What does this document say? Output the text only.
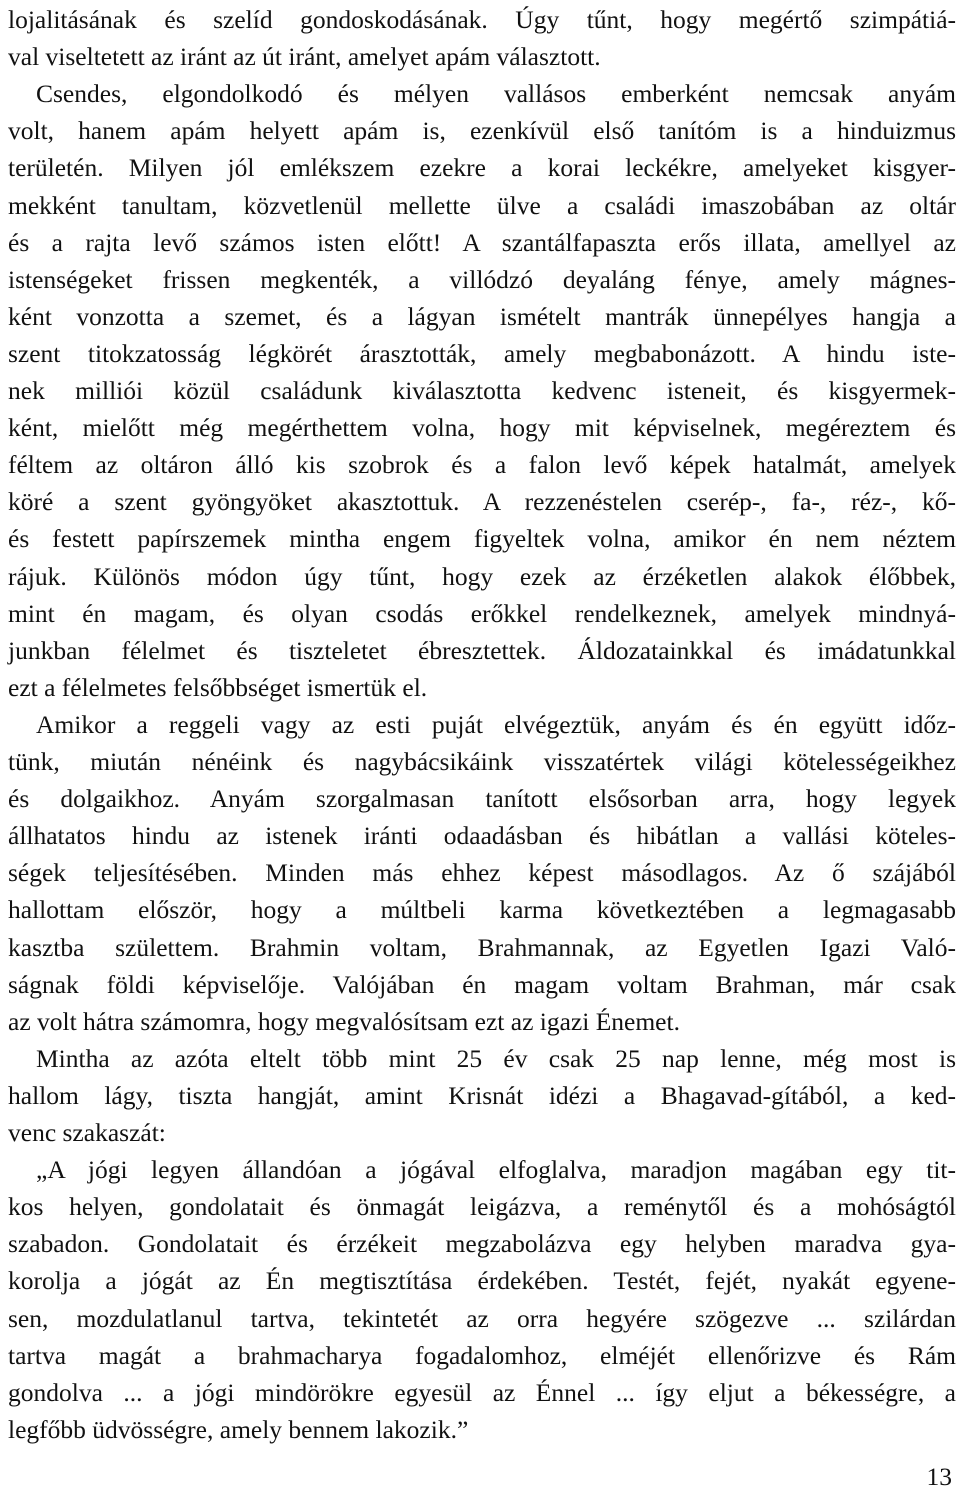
lojalitásának és szelíd gondoskodásának. Úgy tűnt, hogy megértő szimpátiá-
val viseltetett az iránt az út iránt, amelyet apám választott.
Csendes, elgondolkodó és mélyen vallásos emberként nemcsak anyám
volt, hanem apám helyett apám is, ezenkívül első tanítóm is a hinduizmus
területén. Milyen jól emlékszem ezekre a korai leckékre, amelyeket kisgyer-
mekként tanultam, közvetlenül mellette ülve a családi imaszobában az oltár
és a rajta levő számos isten előtt! A szantálfapaszta erős illata, amellyel az
istenségeket frissen megkenték, a villódzó deyaláng fénye, amely mágnes-
ként vonzotta a szemet, és a lágyan ismételt mantrák ünnepélyes hangja a
szent titokzatosság légkörét árasztották, amely megbabonázott. A hindu iste-
nek milliói közül családunk kiválasztotta kedvenc isteneit, és kisgyermek-
ként, mielőtt még megérthettem volna, hogy mit képviselnek, megéreztem és
féltem az oltáron álló kis szobrok és a falon levő képek hatalmát, amelyek
köré a szent gyöngyöket akasztottuk. A rezzenéstelen cserép-, fa-, réz-, kő-
és festett papírszemek mintha engem figyeltek volna, amikor én nem néztem
rájuk. Különös módon úgy tűnt, hogy ezek az érzéketlen alakok élőbbek,
mint én magam, és olyan csodás erőkkel rendelkeznek, amelyek mindnyá-
junkban félelmet és tiszteletet ébresztettek. Áldozatainkkal és imádatunkkal
ezt a félelmetes felsőbbséget ismertük el.
Amikor a reggeli vagy az esti puját elvégeztük, anyám és én együtt időz-
tünk, miután nénéink és nagybácsikáink visszatértek világi kötelességeikhez
és dolgaikhoz. Anyám szorgalmasan tanított elsősorban arra, hogy legyek
állhatatos hindu az istenek iránti odaadásban és hibátlan a vallási köteles-
ségek teljesítésében. Minden más ehhez képest másodlagos. Az ő szájából
hallottam először, hogy a múltbeli karma következtében a legmagasabb
kasztba születtem. Brahmin voltam, Brahmannak, az Egyetlen Igazi Való-
ságnak földi képviselője. Valójában én magam voltam Brahman, már csak
az volt hátra számomra, hogy megvalósítsam ezt az igazi Énemet.
Mintha az azóta eltelt több mint 25 év csak 25 nap lenne, még most is
hallom lágy, tiszta hangját, amint Krisnát idézi a Bhagavad-gítából, a ked-
venc szakaszát:
„A jógi legyen állandóan a jógával elfoglalva, maradjon magában egy tit-
kos helyen, gondolatait és önmagát leigázva, a reménytől és a mohóságtól
szabadon. Gondolatait és érzékeit megzabolázva egy helyben maradva gya-
korolja a jógát az Én megtisztítása érdekében. Testét, fejét, nyakát egyene-
sen, mozdulatlanul tartva, tekintetét az orra hegyére szögezve ... szilárdan
tartva magát a brahmacharya fogadalomhoz, elméjét ellenőrizve és Rám
gondolva ... a jógi mindörökre egyesül az Énnel ... így eljut a békességre, a
legfőbb üdvösségre, amely bennem lakozik.”
13
